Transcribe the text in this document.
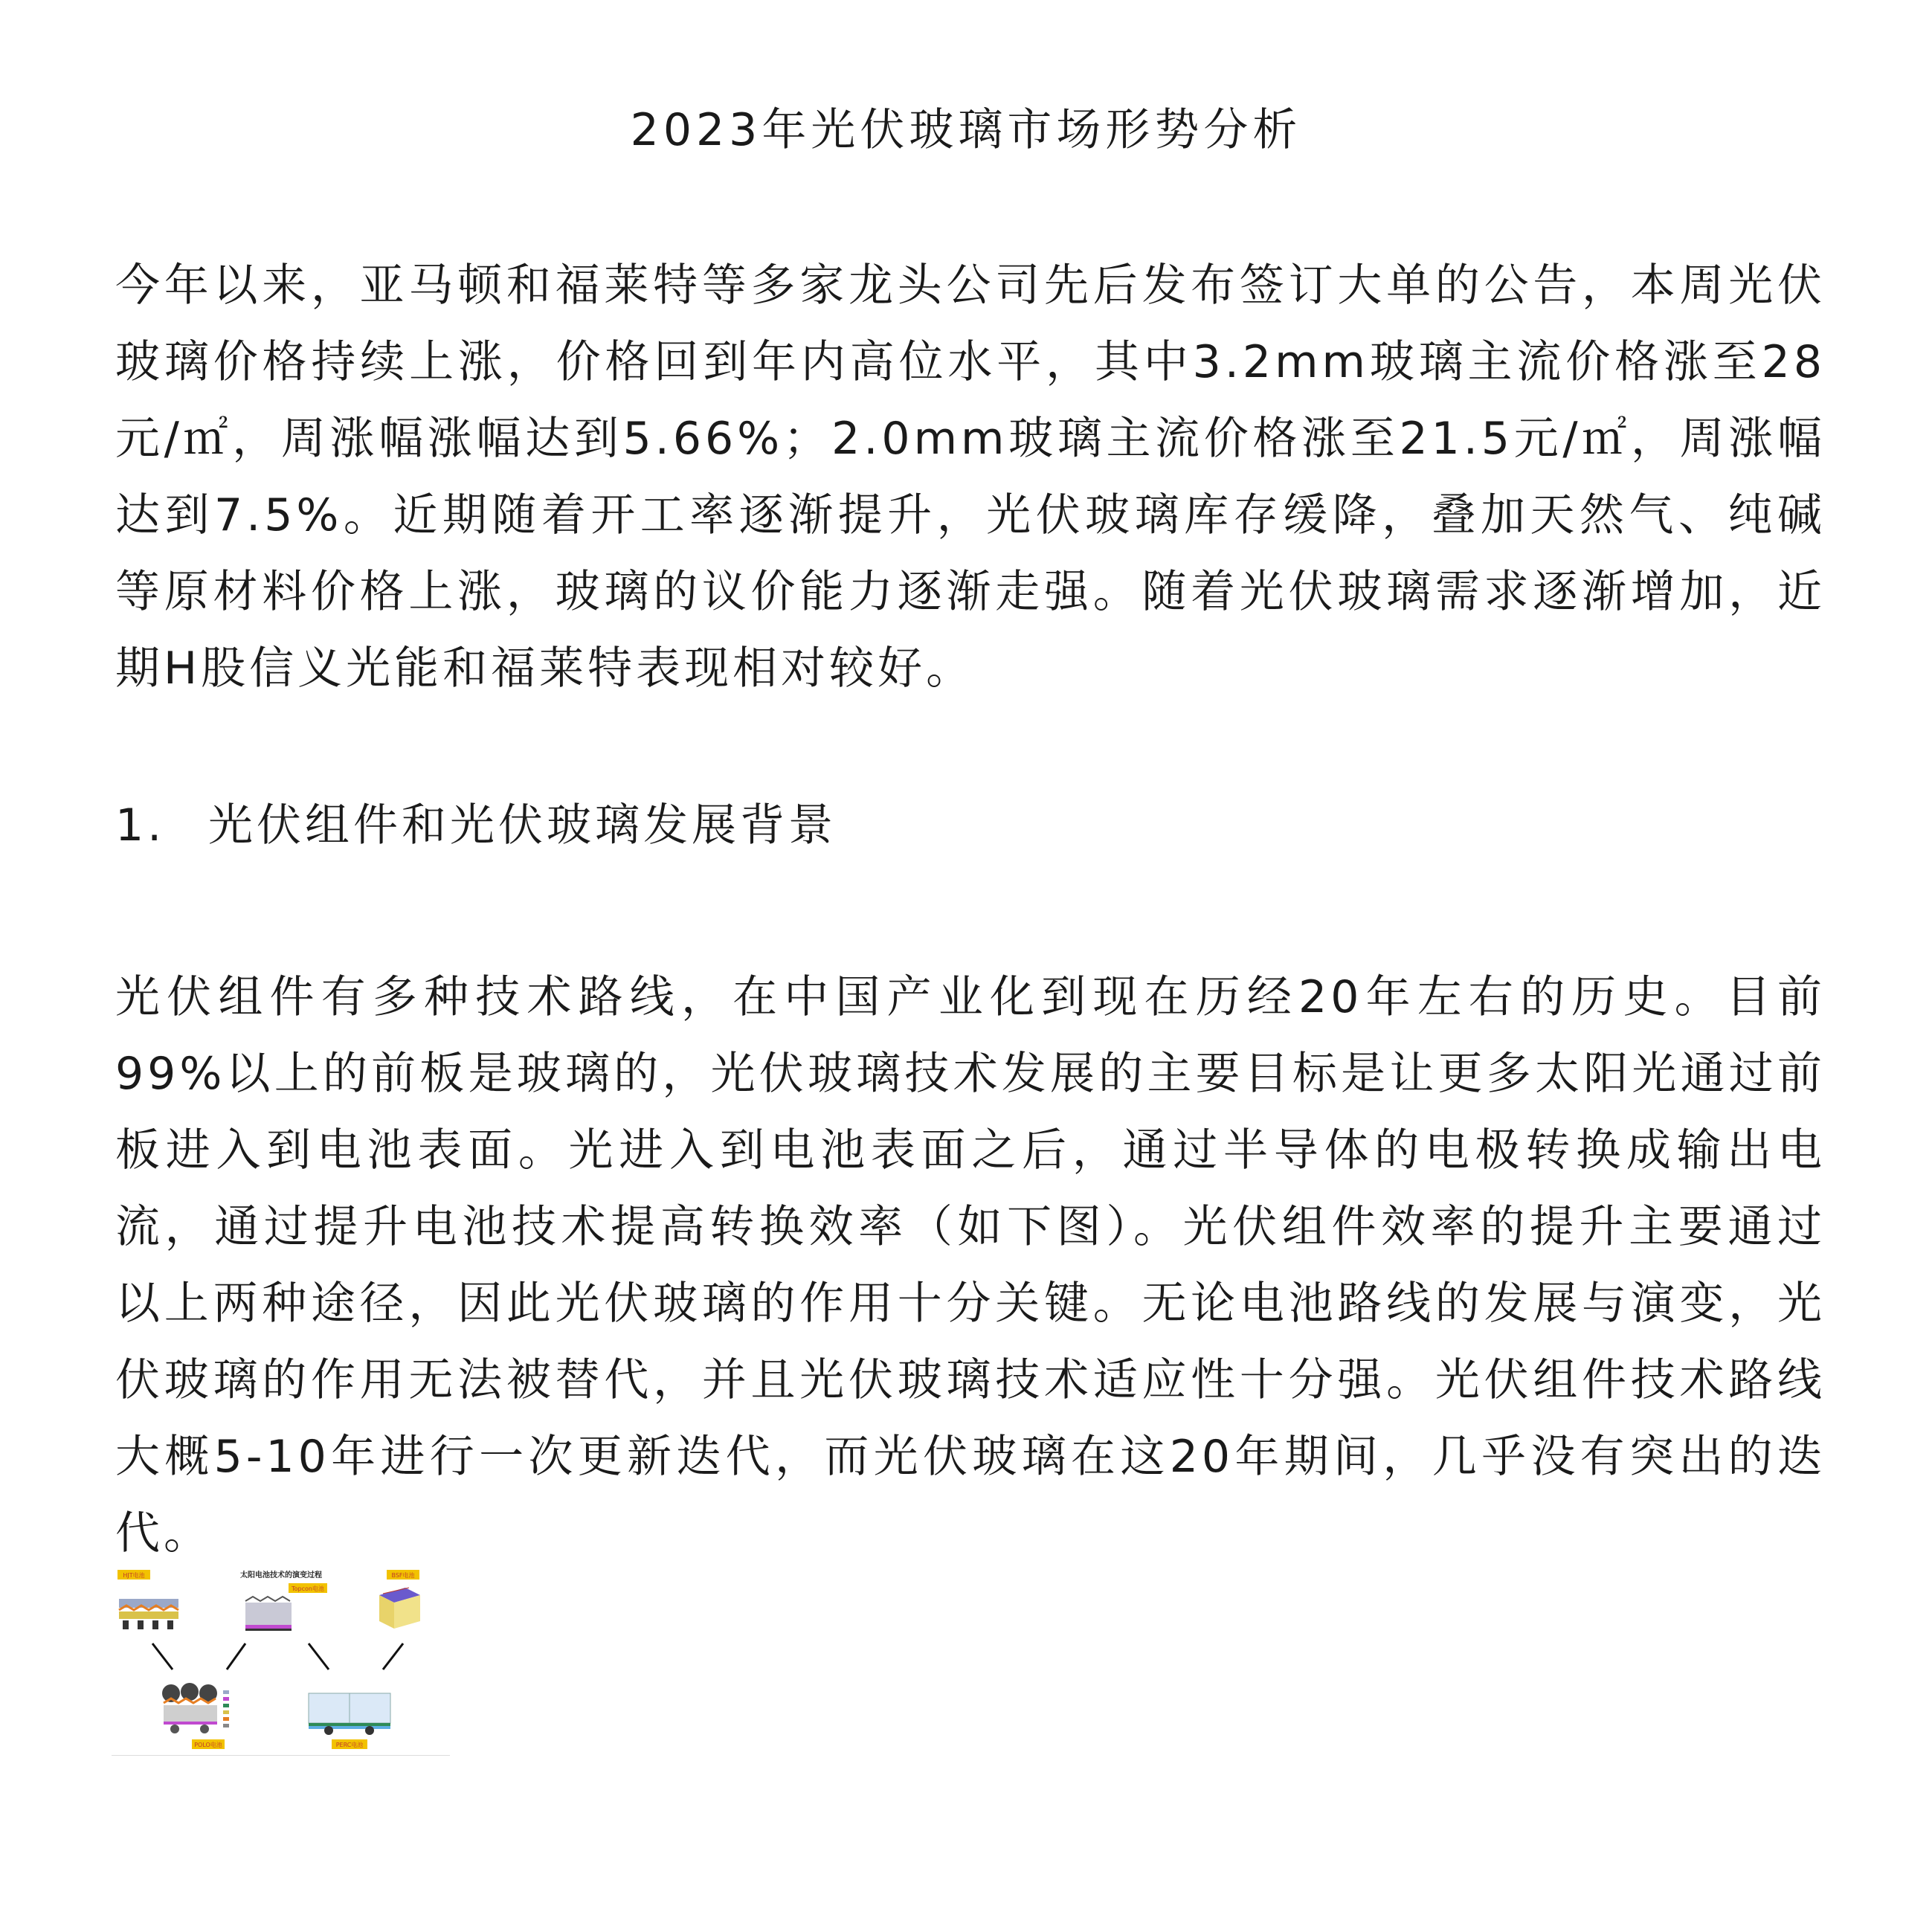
2023年光伏玻璃市场形势分析

今年以来，亚马顿和福莱特等多家龙头公司先后发布签订大单的公告，本周光伏玻璃价格持续上涨，价格回到年内高位水平，其中3.2mm玻璃主流价格涨至28元/㎡，周涨幅涨幅达到5.66%；2.0mm玻璃主流价格涨至21.5元/㎡，周涨幅达到7.5%。近期随着开工率逐渐提升，光伏玻璃库存缓降，叠加天然气、纯碱等原材料价格上涨，玻璃的议价能力逐渐走强。随着光伏玻璃需求逐渐增加，近期H股信义光能和福莱特表现相对较好。

1. 光伏组件和光伏玻璃发展背景

光伏组件有多种技术路线，在中国产业化到现在历经20年左右的历史。目前99%以上的前板是玻璃的，光伏玻璃技术发展的主要目标是让更多太阳光通过前板进入到电池表面。光进入到电池表面之后，通过半导体的电极转换成输出电流，通过提升电池技术提高转换效率（如下图）。光伏组件效率的提升主要通过以上两种途径，因此光伏玻璃的作用十分关键。无论电池路线的发展与演变，光伏玻璃的作用无法被替代，并且光伏玻璃技术适应性十分强。光伏组件技术路线大概5-10年进行一次更新迭代，而光伏玻璃在这20年期间，几乎没有突出的迭代。

太阳电池技术的演变过程
HJT电池
Topcon电池
BSF电池
POLO电池	PERC电池
